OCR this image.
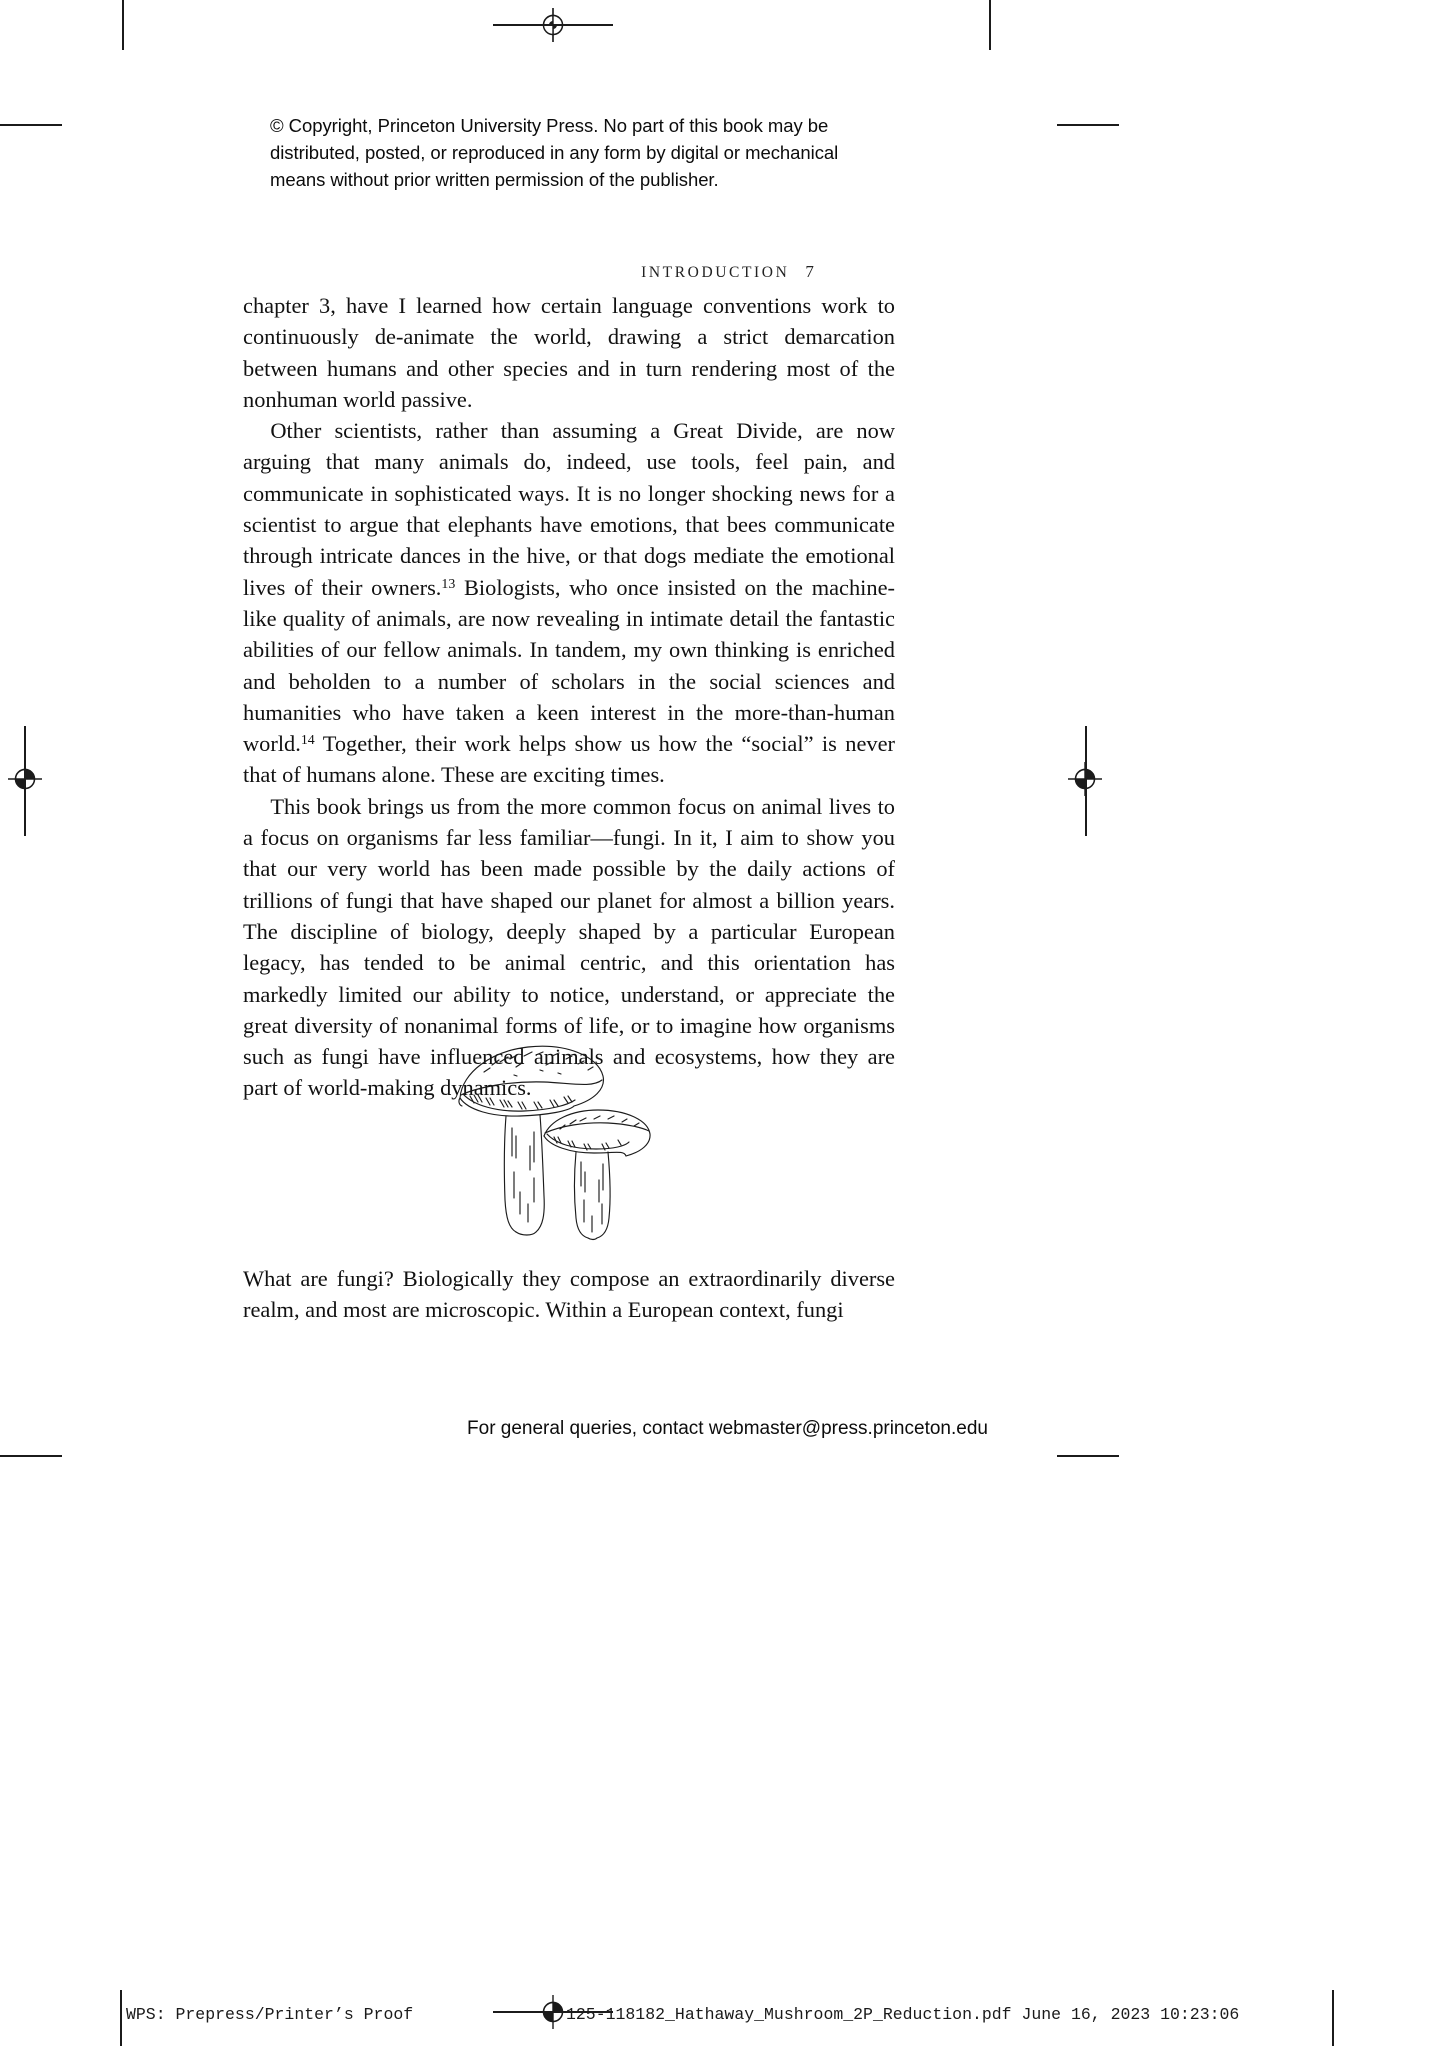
© Copyright, Princeton University Press. No part of this book may be
distributed, posted, or reproduced in any form by digital or mechanical
means without prior written permission of the publisher.
INTRODUCTION 7

chapter 3, have I learned how certain language conventions work to continuously de-animate the world, drawing a strict demarcation between humans and other species and in turn rendering most of the nonhuman world passive.

Other scientists, rather than assuming a Great Divide, are now arguing that many animals do, indeed, use tools, feel pain, and communicate in sophisticated ways. It is no longer shocking news for a scientist to argue that elephants have emotions, that bees communicate through intricate dances in the hive, or that dogs mediate the emotional lives of their owners.$^{13}$ Biologists, who once insisted on the machine-like quality of animals, are now revealing in intimate detail the fantastic abilities of our fellow animals. In tandem, my own thinking is enriched and beholden to a number of scholars in the social sciences and humanities who have taken a keen interest in the more-than-human world.$^{14}$ Together, their work helps show us how the “social” is never that of humans alone. These are exciting times.

This book brings us from the more common focus on animal lives to a focus on organisms far less familiar—fungi. In it, I aim to show you that our very world has been made possible by the daily actions of trillions of fungi that have shaped our planet for almost a billion years. The discipline of biology, deeply shaped by a particular European legacy, has tended to be animal centric, and this orientation has markedly limited our ability to notice, understand, or appreciate the great diversity of nonanimal forms of life, or to imagine how organisms such as fungi have influenced animals and ecosystems, how they are part of world-making dynamics.

What are fungi? Biologically they compose an extraordinarily diverse realm, and most are microscopic. Within a European context, fungi

For general queries, contact webmaster@press.princeton.edu
WPS: Prepress/Printer’s Proof	125-118182_Hathaway_Mushroom_2P_Reduction.pdf June 16, 2023 10:23:06
